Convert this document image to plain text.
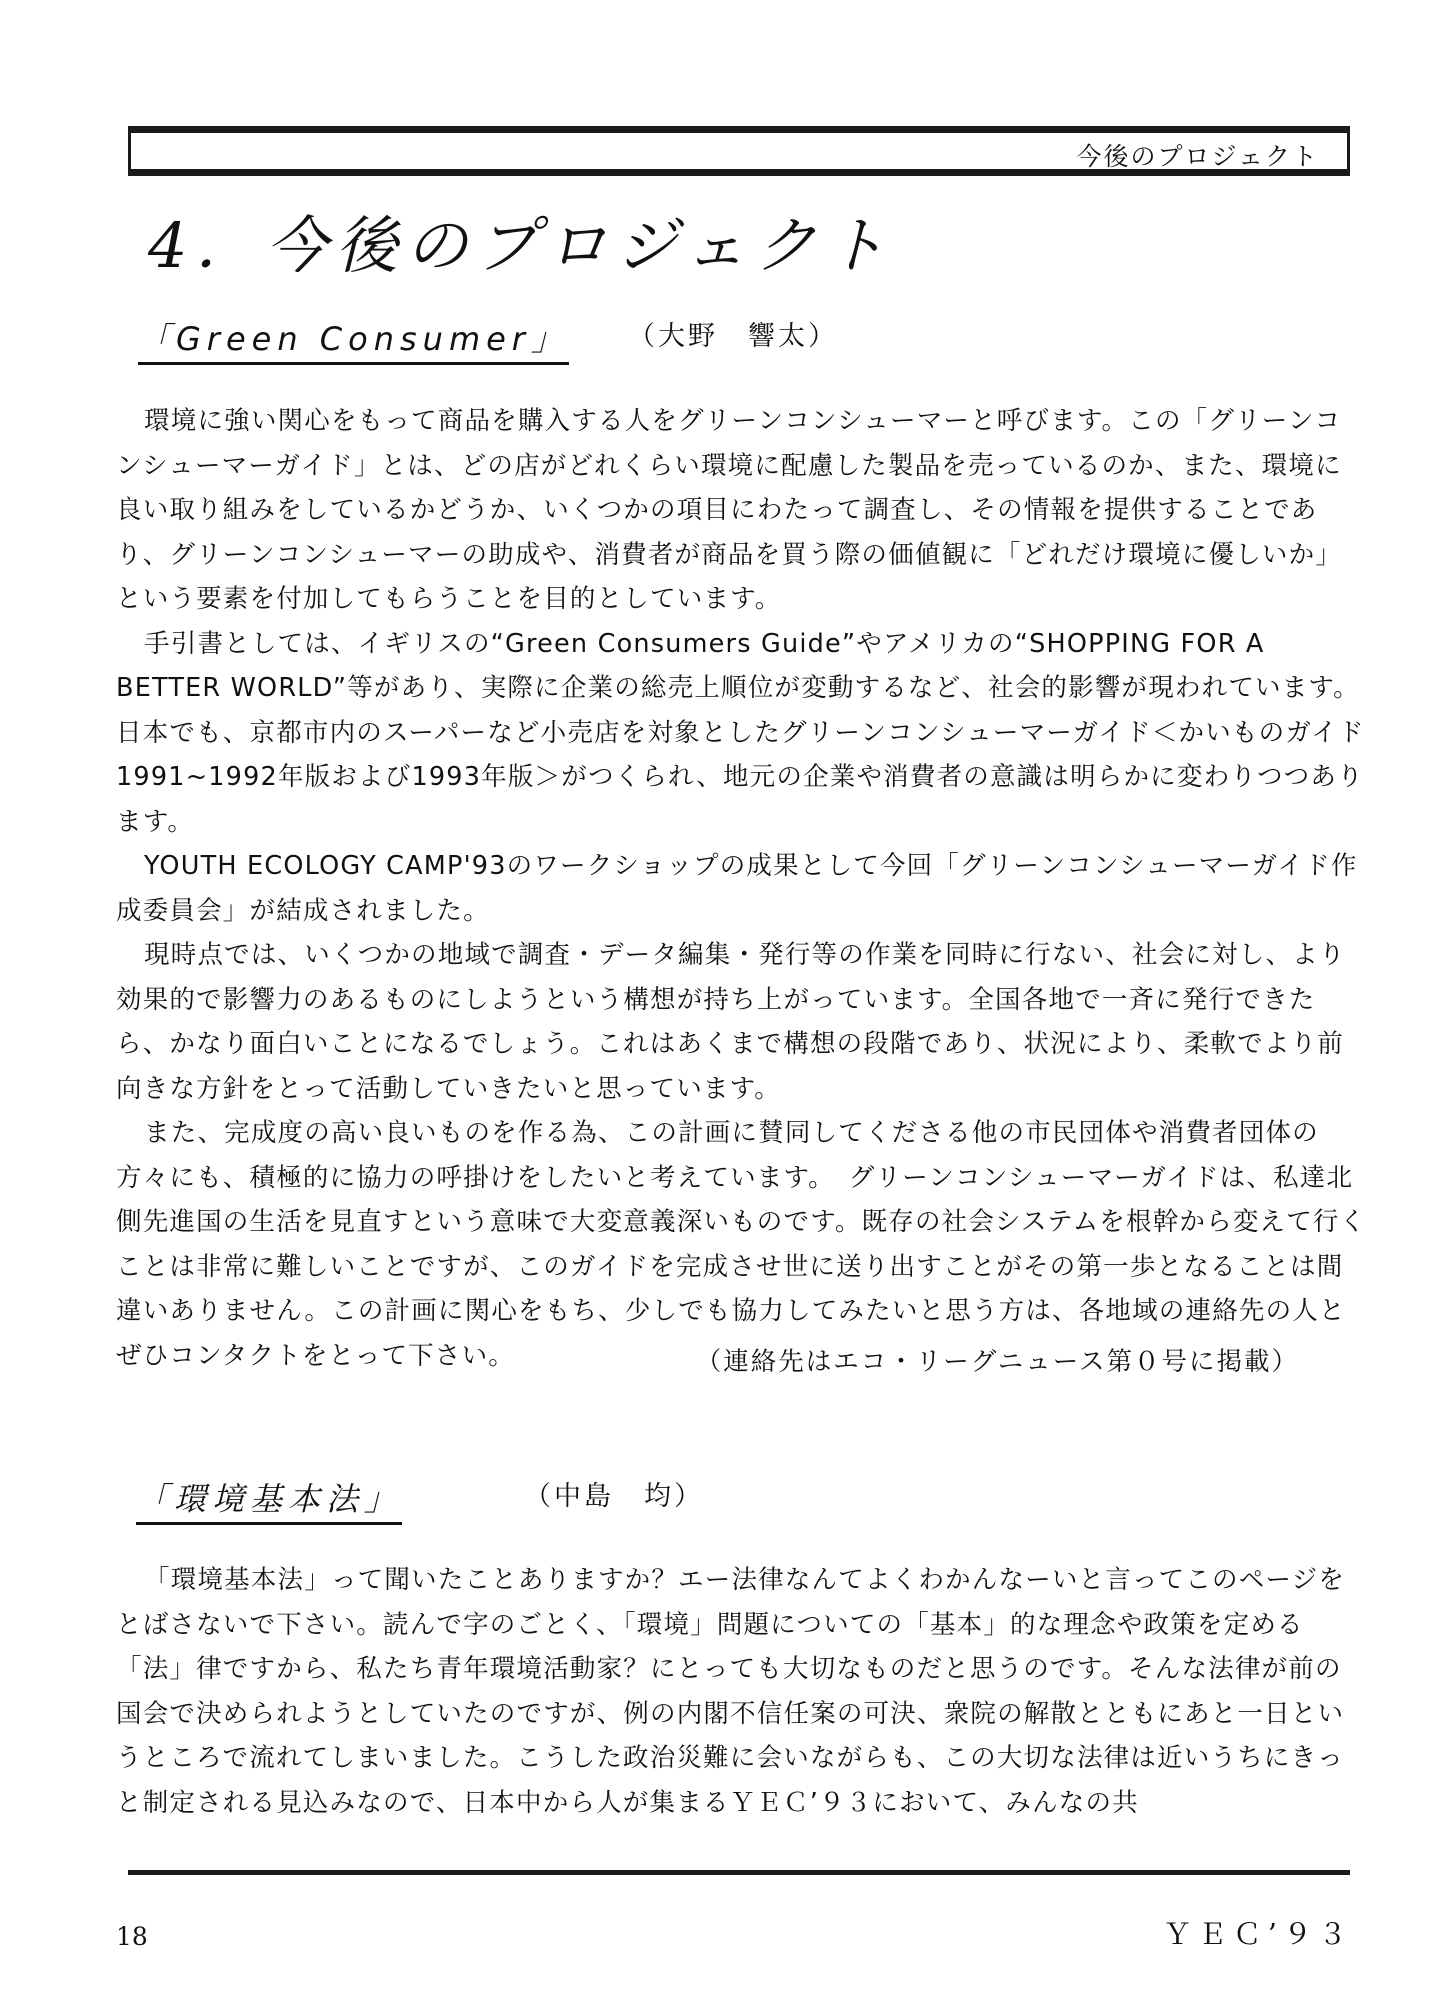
今後のプロジェクト
4．今後のプロジェクト
「Green Consumer」 （大野　響太）

環境に強い関心をもって商品を購入する人をグリーンコンシューマーと呼びます。この「グリーンコンシューマーガイド」とは、どの店がどれくらい環境に配慮した製品を売っているのか、また、環境に良い取り組みをしているかどうか、いくつかの項目にわたって調査し、その情報を提供することであり、グリーンコンシューマーの助成や、消費者が商品を買う際の価値観に「どれだけ環境に優しいか」という要素を付加してもらうことを目的としています。

手引書としては、イギリスの“Green Consumers Guide”やアメリカの“SHOPPING FOR A BETTER WORLD”等があり、実際に企業の総売上順位が変動するなど、社会的影響が現われています。日本でも、京都市内のスーパーなど小売店を対象としたグリーンコンシューマーガイド＜かいものガイド1991~1992年版および1993年版＞がつくられ、地元の企業や消費者の意識は明らかに変わりつつあります。

YOUTH ECOLOGY CAMP'93のワークショップの成果として今回「グリーンコンシューマーガイド作成委員会」が結成されました。

現時点では、いくつかの地域で調査・データ編集・発行等の作業を同時に行ない、社会に対し、より効果的で影響力のあるものにしようという構想が持ち上がっています。全国各地で一斉に発行できたら、かなり面白いことになるでしょう。これはあくまで構想の段階であり、状況により、柔軟でより前向きな方針をとって活動していきたいと思っています。

また、完成度の高い良いものを作る為、この計画に賛同してくださる他の市民団体や消費者団体の方々にも、積極的に協力の呼掛けをしたいと考えています。　グリーンコンシューマーガイドは、私達北側先進国の生活を見直すという意味で大変意義深いものです。既存の社会システムを根幹から変えて行くことは非常に難しいことですが、このガイドを完成させ世に送り出すことがその第一歩となることは間違いありません。この計画に関心をもち、少しでも協力してみたいと思う方は、各地域の連絡先の人とぜひコンタクトをとって下さい。	（連絡先はエコ・リーグニュース第０号に掲載）
「環境基本法」	（中島　均）

「環境基本法」って聞いたことありますか？エー法律なんてよくわかんなーいと言ってこのページをとばさないで下さい。読んで字のごとく、「環境」問題についての「基本」的な理念や政策を定める「法」律ですから、私たち青年環境活動家？にとっても大切なものだと思うのです。そんな法律が前の国会で決められようとしていたのですが、例の内閣不信任案の可決、衆院の解散とともにあと一日というところで流れてしまいました。こうした政治災難に会いながらも、この大切な法律は近いうちにきっと制定される見込みなので、日本中から人が集まるＹＥＣ’９３において、みんなの共

18	ＹＥＣ’９３
